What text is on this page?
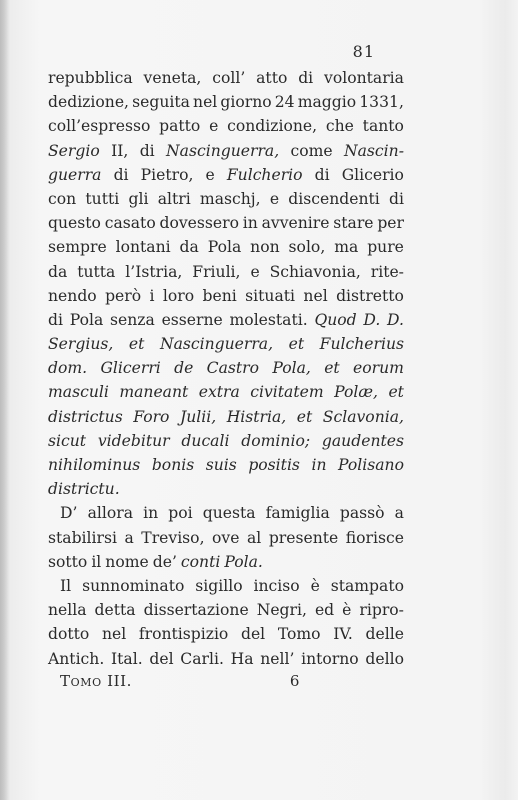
81
repubblica veneta, coll’ atto di volontaria
dedizione, seguita nel giorno 24 maggio 1331,
coll’espresso patto e condizione, che tanto
Sergio II, di Nascinguerra, come Nascin-
guerra di Pietro, e Fulcherio di Glicerio
con tutti gli altri maschj, e discendenti di
questo casato dovessero in avvenire stare per
sempre lontani da Pola non solo, ma pure
da tutta l’Istria, Friuli, e Schiavonia, rite-
nendo però i loro beni situati nel distretto
di Pola senza esserne molestati. Quod D. D.
Sergius, et Nascinguerra, et Fulcherius
dom. Glicerri de Castro Pola, et eorum
masculi maneant extra civitatem Polæ, et
districtus Foro Julii, Histria, et Sclavonia,
sicut videbitur ducali dominio; gaudentes
nihilominus bonis suis positis in Polisano
districtu.
D’ allora in poi questa famiglia passò a
stabilirsi a Treviso, ove al presente fiorisce
sotto il nome de’ conti Pola.
Il sunnominato sigillo inciso è stampato
nella detta dissertazione Negri, ed è ripro-
dotto nel frontispizio del Tomo IV. delle
Antich. Ital. del Carli. Ha nell’ intorno dello
Tomo III.	6
